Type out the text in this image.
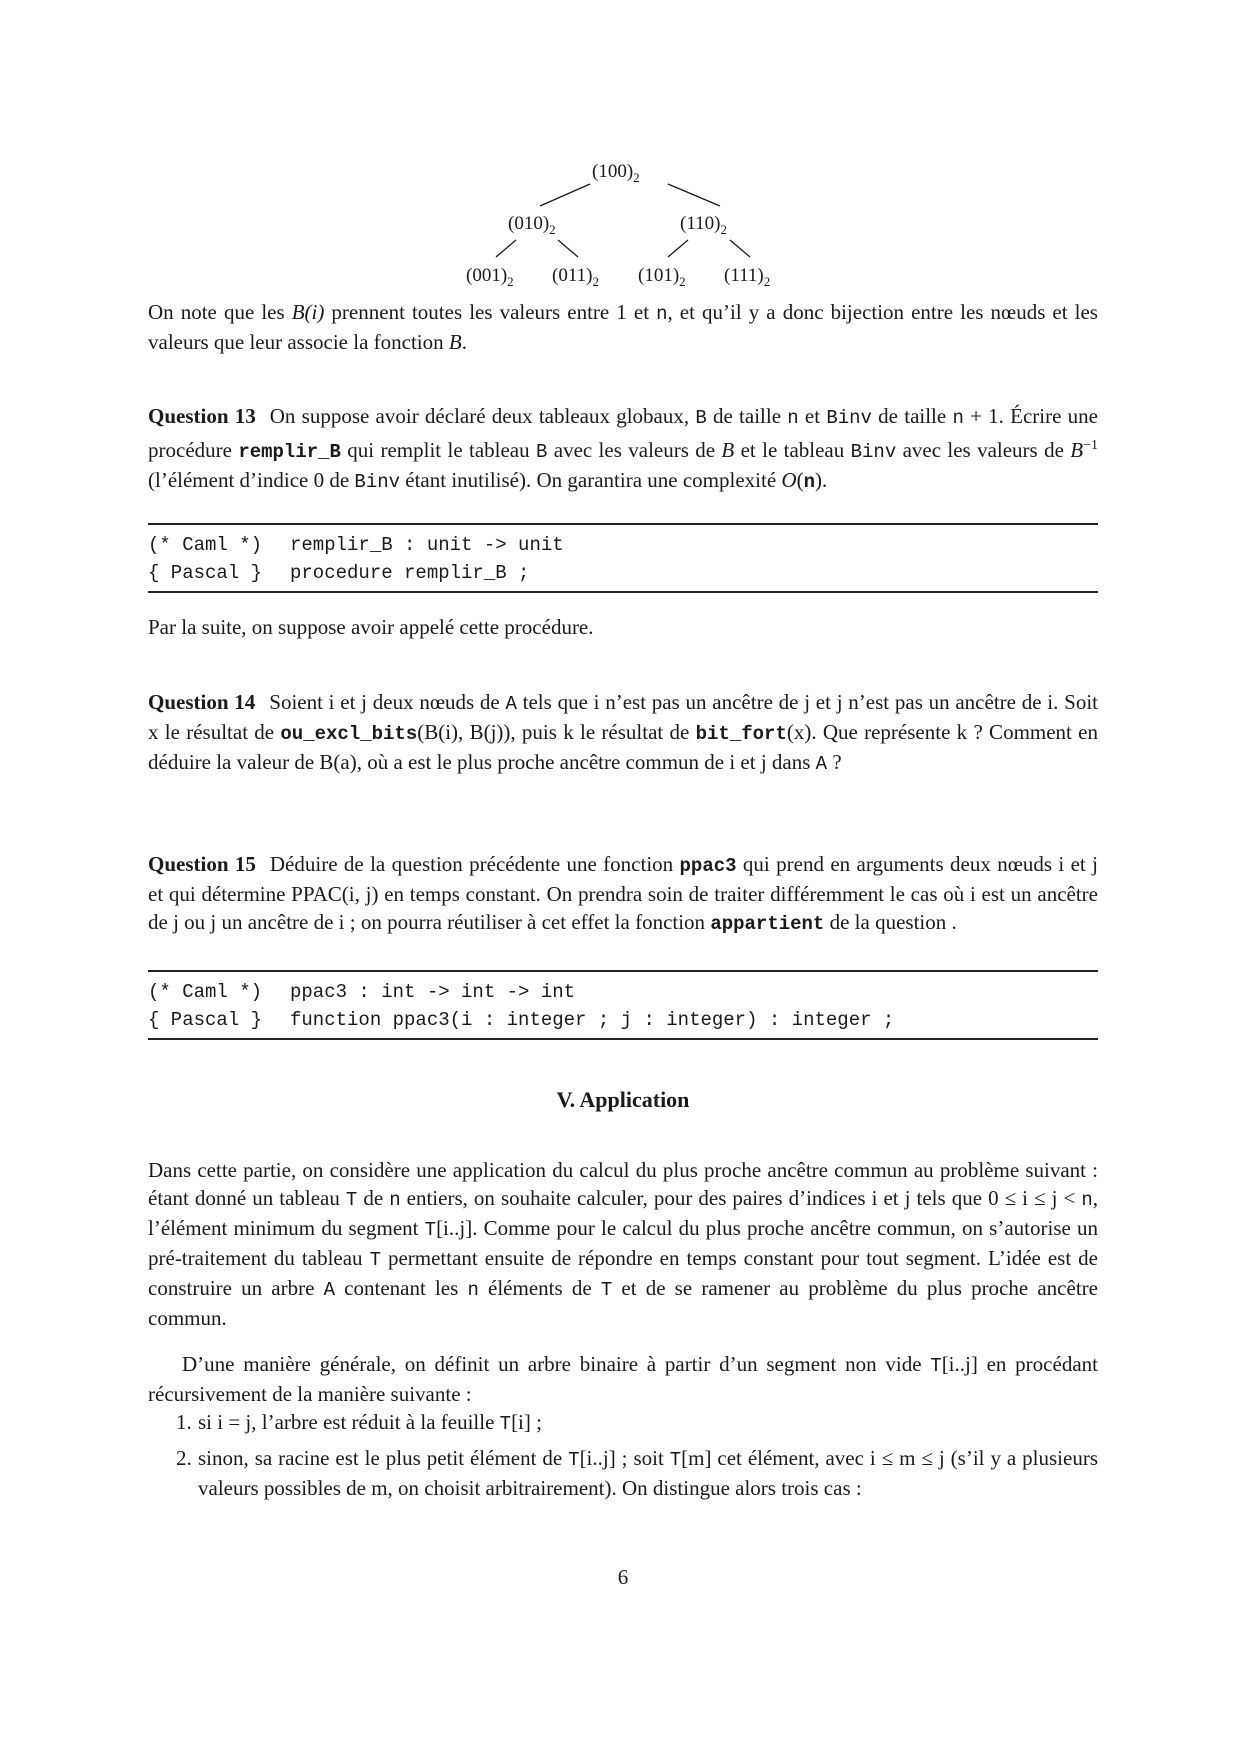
$(100)_2$
$(010)_2$	$(110)_2$
$(001)_2$ $(011)_2$ $(101)_2$ $(111)_2$

On note que les B(i) prennent toutes les valeurs entre 1 et n, et qu’il y a donc bijection entre les nœuds et les valeurs que leur associe la fonction B.

Question 13 On suppose avoir déclaré deux tableaux globaux, B de taille n et Binv de taille n + 1. Écrire une procédure remplir_B qui remplit le tableau B avec les valeurs de B et le tableau Binv avec les valeurs de $B^{-1}$ (l’élément d’indice 0 de Binv étant inutilisé). On garantira une complexité O(n).

(* Caml *)	remplir_B : unit -> unit
{ Pascal }	procedure remplir_B ;

Par la suite, on suppose avoir appelé cette procédure.

Question 14 Soient i et j deux nœuds de A tels que i n’est pas un ancêtre de j et j n’est pas un ancêtre de i. Soit x le résultat de ou_excl_bits(B(i), B(j)), puis k le résultat de bit_fort(x). Que représente k ? Comment en déduire la valeur de B(a), où a est le plus proche ancêtre commun de i et j dans A ?

Question 15 Déduire de la question précédente une fonction ppac3 qui prend en arguments deux nœuds i et j et qui détermine PPAC(i, j) en temps constant. On prendra soin de traiter différemment le cas où i est un ancêtre de j ou j un ancêtre de i ; on pourra réutiliser à cet effet la fonction appartient de la question .

(* Caml *)	ppac3 : int -> int -> int
{ Pascal }	function ppac3(i : integer ; j : integer) : integer ;
V. Application

Dans cette partie, on considère une application du calcul du plus proche ancêtre commun au problème suivant : étant donné un tableau T de n entiers, on souhaite calculer, pour des paires d’indices i et j tels que 0 ≤ i ≤ j < n, l’élément minimum du segment T[i..j]. Comme pour le calcul du plus proche ancêtre commun, on s’autorise un pré-traitement du tableau T permettant ensuite de répondre en temps constant pour tout segment. L’idée est de construire un arbre A contenant les n éléments de T et de se ramener au problème du plus proche ancêtre commun.

D’une manière générale, on définit un arbre binaire à partir d’un segment non vide T[i..j] en procédant récursivement de la manière suivante :

1. si i = j, l’arbre est réduit à la feuille T[i] ;
2. sinon, sa racine est le plus petit élément de T[i..j] ; soit T[m] cet élément, avec i ≤ m ≤ j (s’il y a plusieurs valeurs possibles de m, on choisit arbitrairement). On distingue alors trois cas :
6
